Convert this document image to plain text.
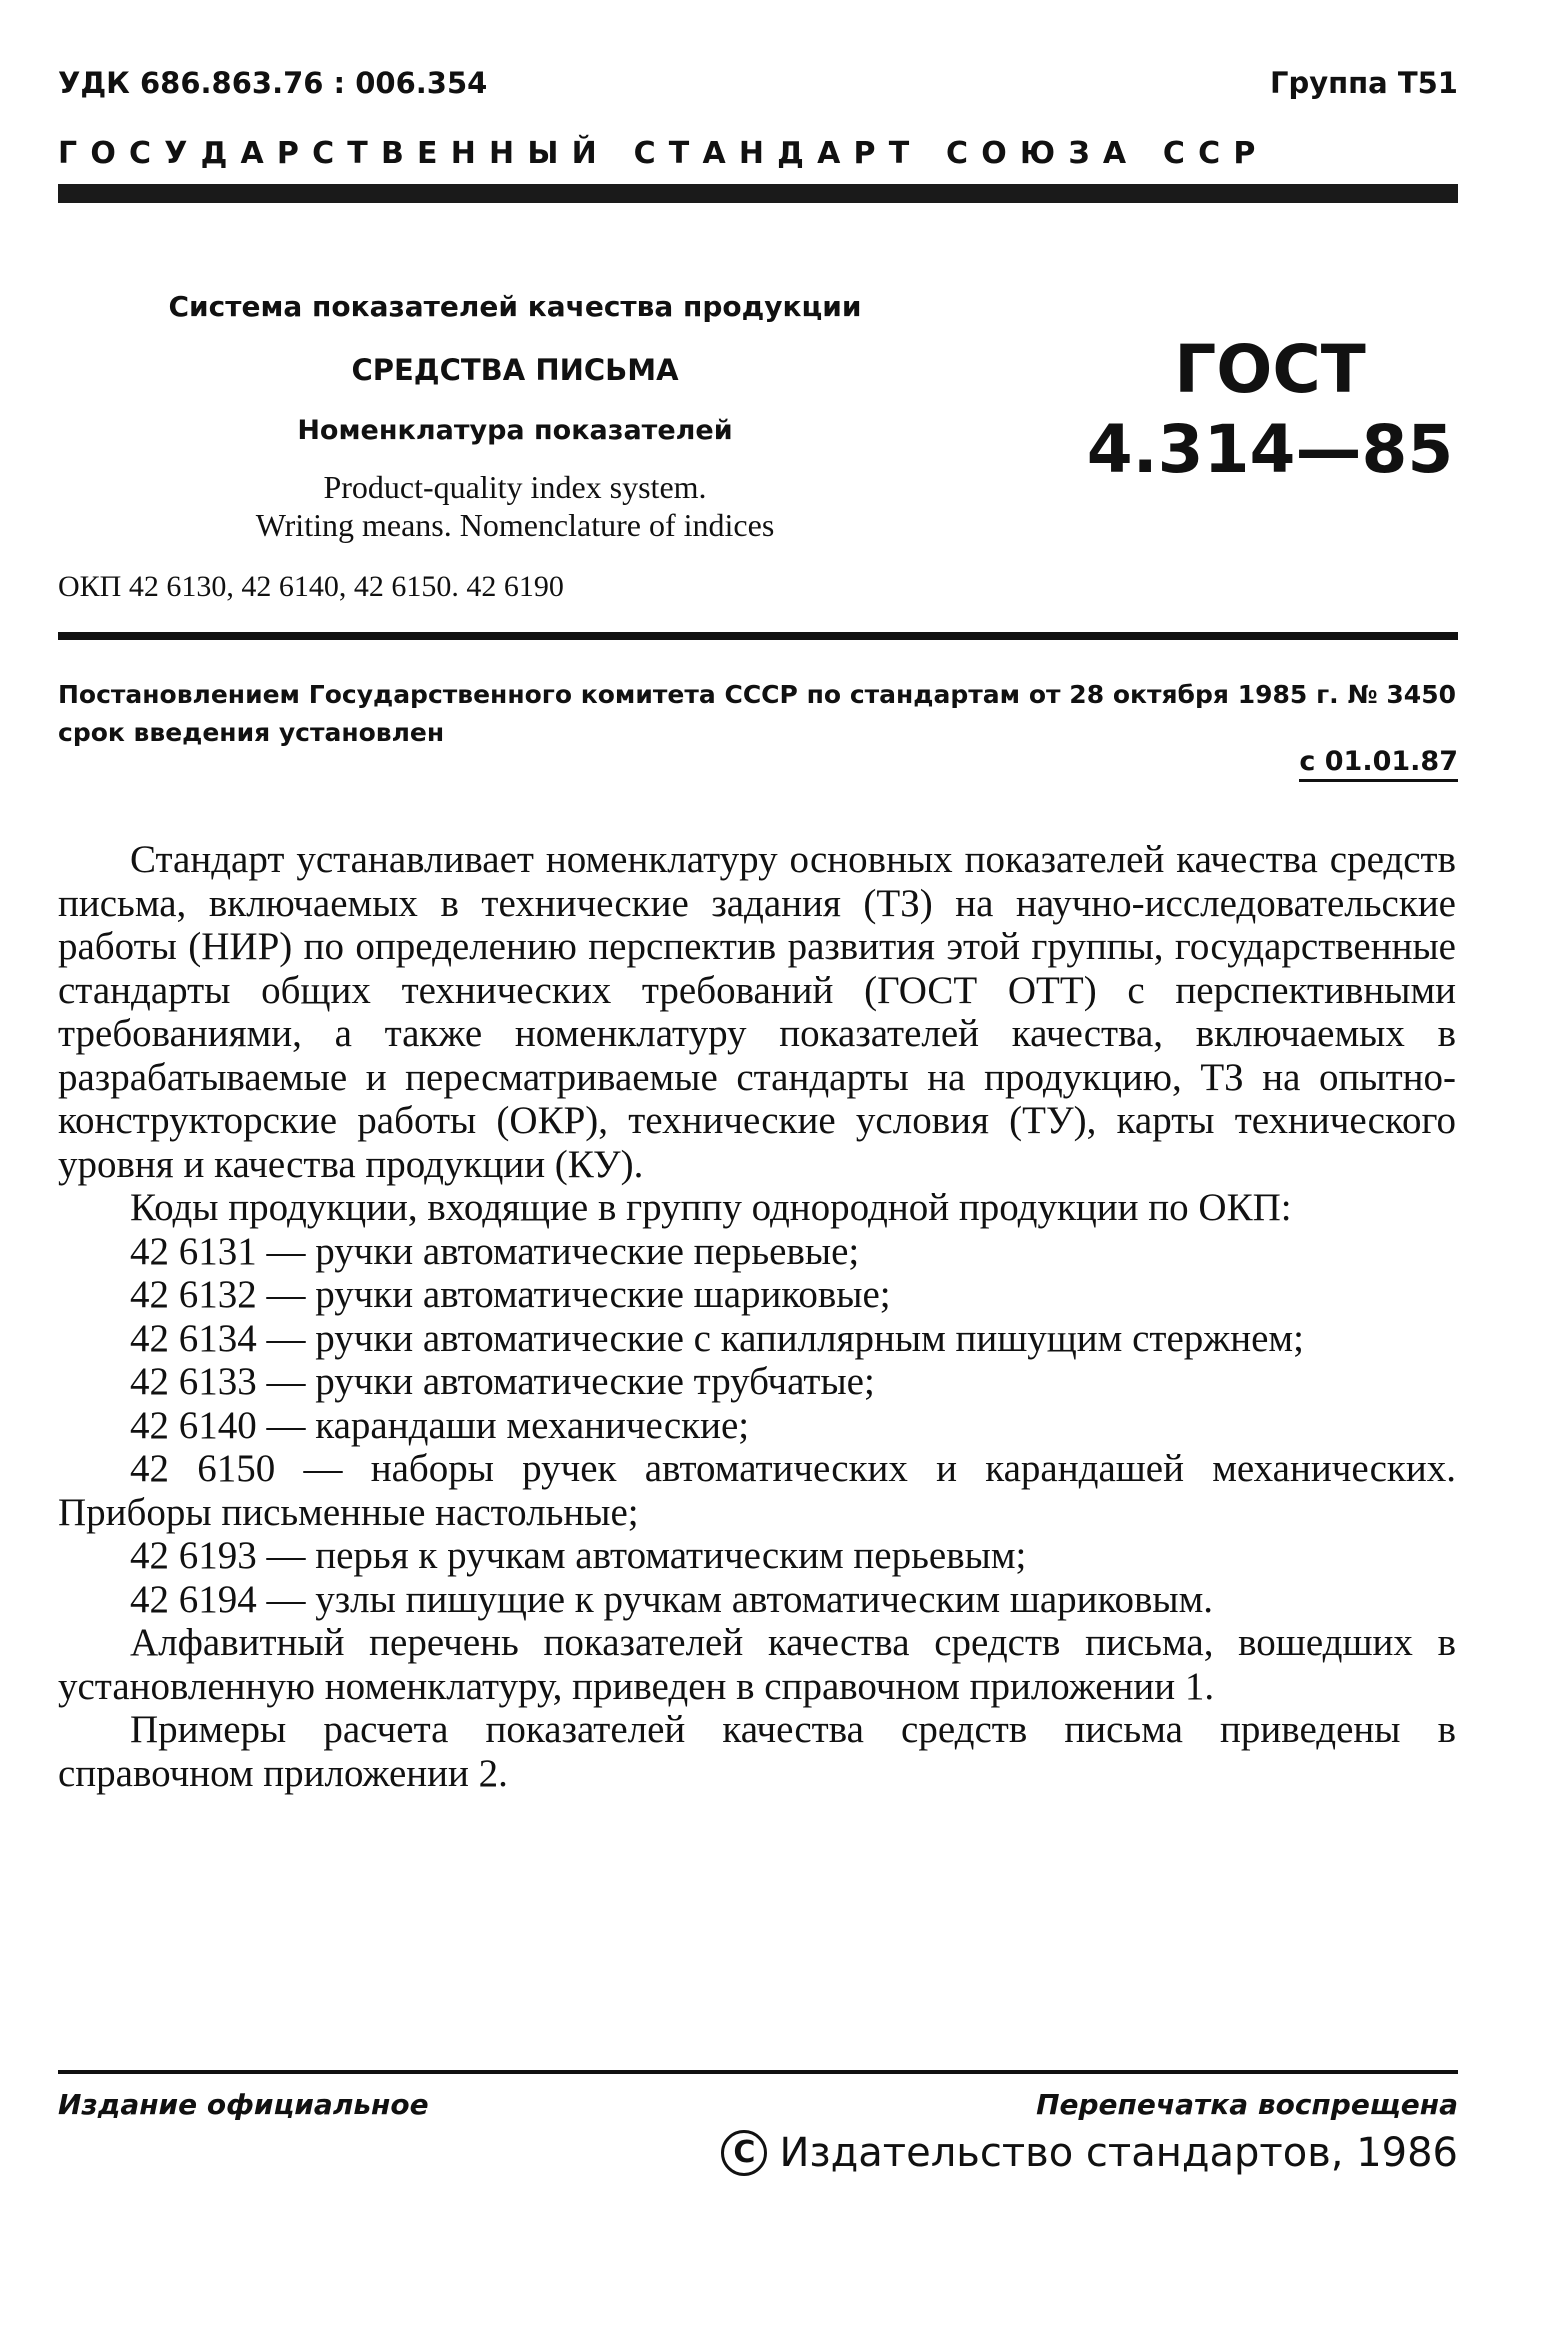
УДК 686.863.76 : 006.354	Группа Т51
ГОСУДАРСТВЕННЫЙ СТАНДАРТ СОЮЗА ССР
Система показателей качества продукции
СРЕДСТВА ПИСЬМА
Номенклатура показателей
Product-quality index system.
Writing means. Nomenclature of indices
ГОСТ
4.314—85
ОКП 42 6130, 42 6140, 42 6150. 42 6190
Постановлением Государственного комитета СССР по стандартам от 28 октября 1985 г. № 3450 срок введения установлен
с 01.01.87

Стандарт устанавливает номенклатуру основных показателей качества средств письма, включаемых в технические задания (ТЗ) на научно-исследовательские работы (НИР) по определению перспектив развития этой группы, государственные стандарты общих технических требований (ГОСТ ОТТ) с перспективными требованиями, а также номенклатуру показателей качества, включаемых в разрабатываемые и пересматриваемые стандарты на продукцию, ТЗ на опытно-конструкторские работы (ОКР), технические условия (ТУ), карты технического уровня и качества продукции (КУ).

Коды продукции, входящие в группу однородной продукции по ОКП:

42 6131 — ручки автоматические перьевые;

42 6132 — ручки автоматические шариковые;

42 6134 — ручки автоматические с капиллярным пишущим стержнем;

42 6133 — ручки автоматические трубчатые;

42 6140 — карандаши механические;

42 6150 — наборы ручек автоматических и карандашей механических. Приборы письменные настольные;

42 6193 — перья к ручкам автоматическим перьевым;

42 6194 — узлы пишущие к ручкам автоматическим шариковым.

Алфавитный перечень показателей качества средств письма, вошедших в установленную номенклатуру, приведен в справочном приложении 1.

Примеры расчета показателей качества средств письма приведены в справочном приложении 2.

Издание официальное	Перепечатка воспрещена
C Издательство стандартов, 1986
